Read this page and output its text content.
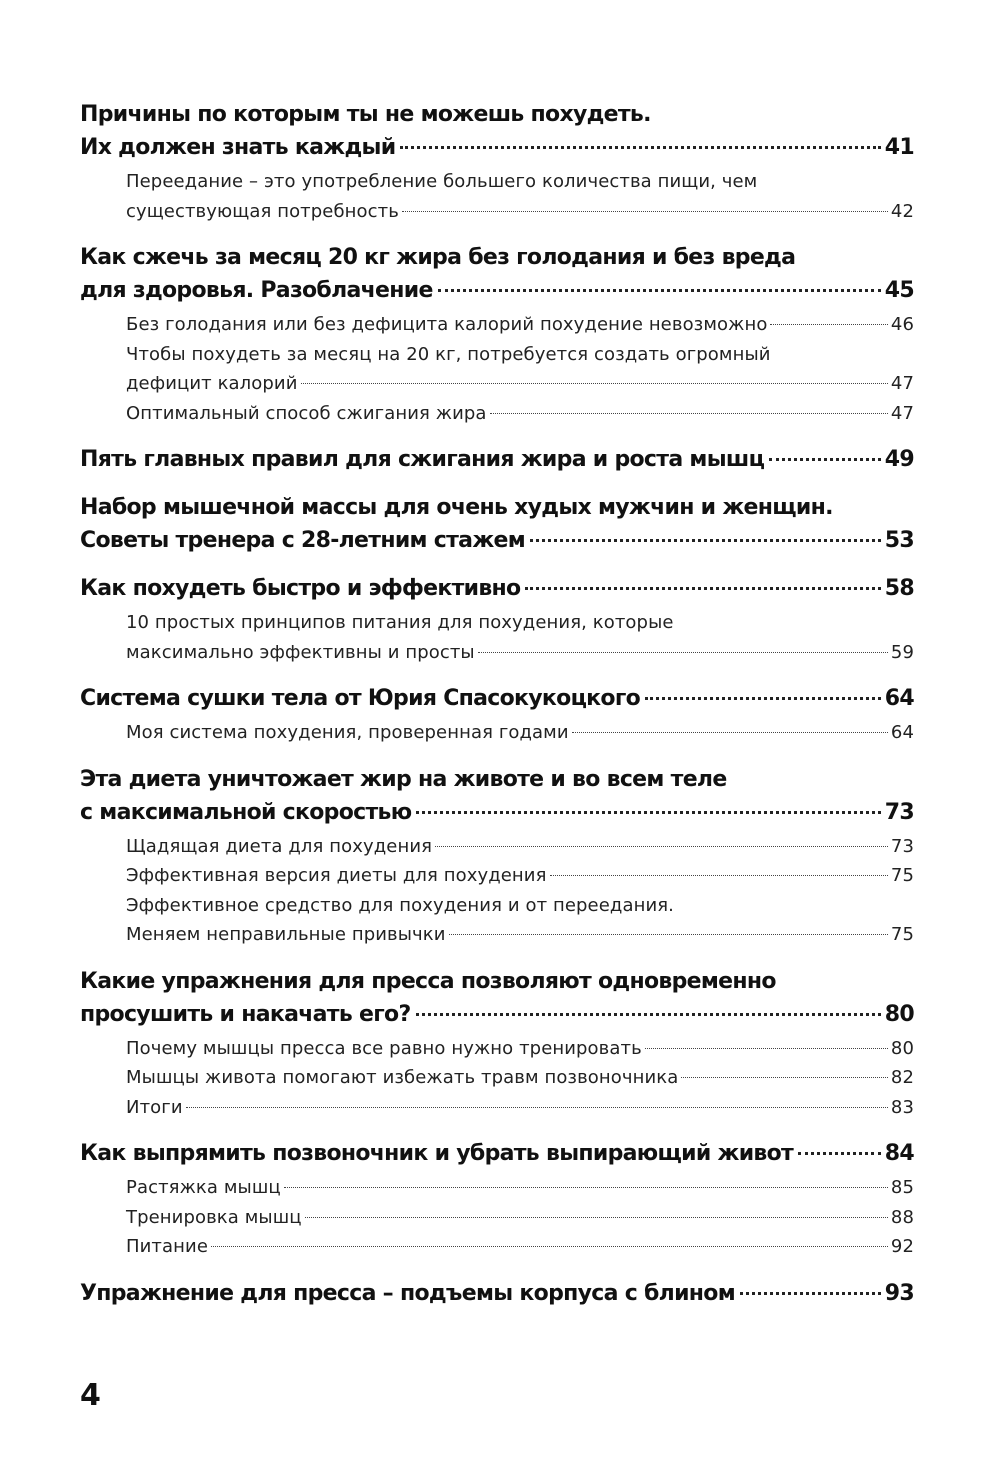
Причины по которым ты не можешь похудеть.
Их должен знать каждый	41
Переедание – это употребление большего количества пищи, чем
существующая потребность	42
Как сжечь за месяц 20 кг жира без голодания и без вреда
для здоровья. Разоблачение	45
Без голодания или без дефицита калорий похудение невозможно	46
Чтобы похудеть за месяц на 20 кг, потребуется создать огромный
дефицит калорий	47
Оптимальный способ сжигания жира	47
Пять главных правил для сжигания жира и роста мышц	49
Набор мышечной массы для очень худых мужчин и женщин.
Советы тренера с 28-летним стажем	53
Как похудеть быстро и эффективно	58
10 простых принципов питания для похудения, которые
максимально эффективны и просты	59
Система сушки тела от Юрия Спасокукоцкого	64
Моя система похудения, проверенная годами	64
Эта диета уничтожает жир на животе и во всем теле
с максимальной скоростью	73
Щадящая диета для похудения	73
Эффективная версия диеты для похудения	75
Эффективное средство для похудения и от переедания.
Меняем неправильные привычки	75
Какие упражнения для пресса позволяют одновременно
просушить и накачать его?	80
Почему мышцы пресса все равно нужно тренировать	80
Мышцы живота помогают избежать травм позвоночника	82
Итоги	83
Как выпрямить позвоночник и убрать выпирающий живот	84
Растяжка мышц	85
Тренировка мышц	88
Питание	92
Упражнение для пресса – подъемы корпуса с блином	93
4
